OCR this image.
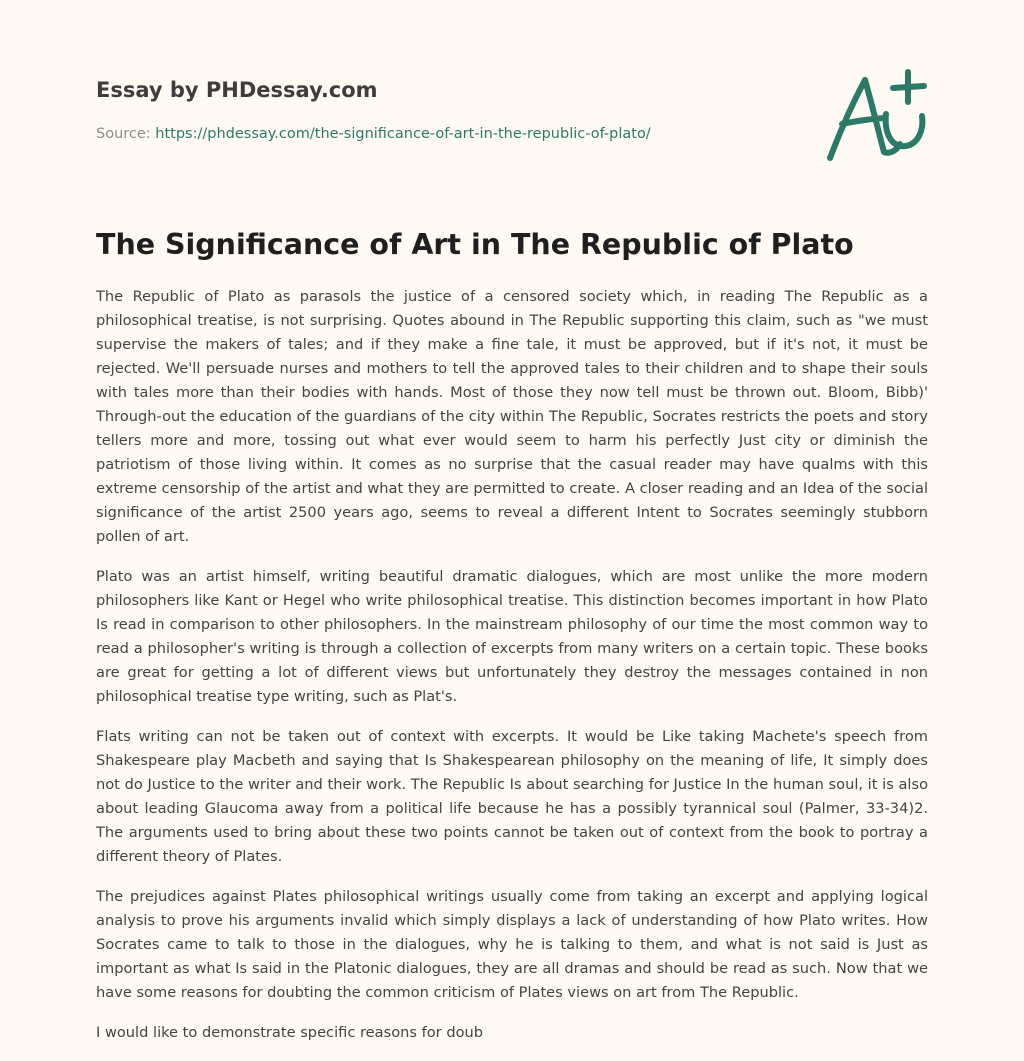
Essay by PHDessay.com
Source: https://phdessay.com/the-significance-of-art-in-the-republic-of-plato/
The Significance of Art in The Republic of Plato

The Republic of Plato as parasols the justice of a censored society which, in reading The Republic as a philosophical treatise, is not surprising. Quotes abound in The Republic supporting this claim, such as "we must supervise the makers of tales; and if they make a fine tale, it must be approved, but if it's not, it must be rejected. We'll persuade nurses and mothers to tell the approved tales to their children and to shape their souls with tales more than their bodies with hands. Most of those they now tell must be thrown out. Bloom, Bibb)' Through-out the education of the guardians of the city within The Republic, Socrates restricts the poets and story tellers more and more, tossing out what ever would seem to harm his perfectly Just city or diminish the patriotism of those living within. It comes as no surprise that the casual reader may have qualms with this extreme censorship of the artist and what they are permitted to create. A closer reading and an Idea of the social significance of the artist 2500 years ago, seems to reveal a different Intent to Socrates seemingly stubborn pollen of art.

Plato was an artist himself, writing beautiful dramatic dialogues, which are most unlike the more modern philosophers like Kant or Hegel who write philosophical treatise. This distinction becomes important in how Plato Is read in comparison to other philosophers. In the mainstream philosophy of our time the most common way to read a philosopher's writing is through a collection of excerpts from many writers on a certain topic. These books are great for getting a lot of different views but unfortunately they destroy the messages contained in non philosophical treatise type writing, such as Plat's.

Flats writing can not be taken out of context with excerpts. It would be Like taking Machete's speech from Shakespeare play Macbeth and saying that Is Shakespearean philosophy on the meaning of life, It simply does not do Justice to the writer and their work. The Republic Is about searching for Justice In the human soul, it is also about leading Glaucoma away from a political life because he has a possibly tyrannical soul (Palmer, 33-34)2. The arguments used to bring about these two points cannot be taken out of context from the book to portray a different theory of Plates.

The prejudices against Plates philosophical writings usually come from taking an excerpt and applying logical analysis to prove his arguments invalid which simply displays a lack of understanding of how Plato writes. How Socrates came to talk to those in the dialogues, why he is talking to them, and what is not said is Just as important as what Is said in the Platonic dialogues, they are all dramas and should be read as such. Now that we have some reasons for doubting the common criticism of Plates views on art from The Republic.

I would like to demonstrate specific reasons for doub
